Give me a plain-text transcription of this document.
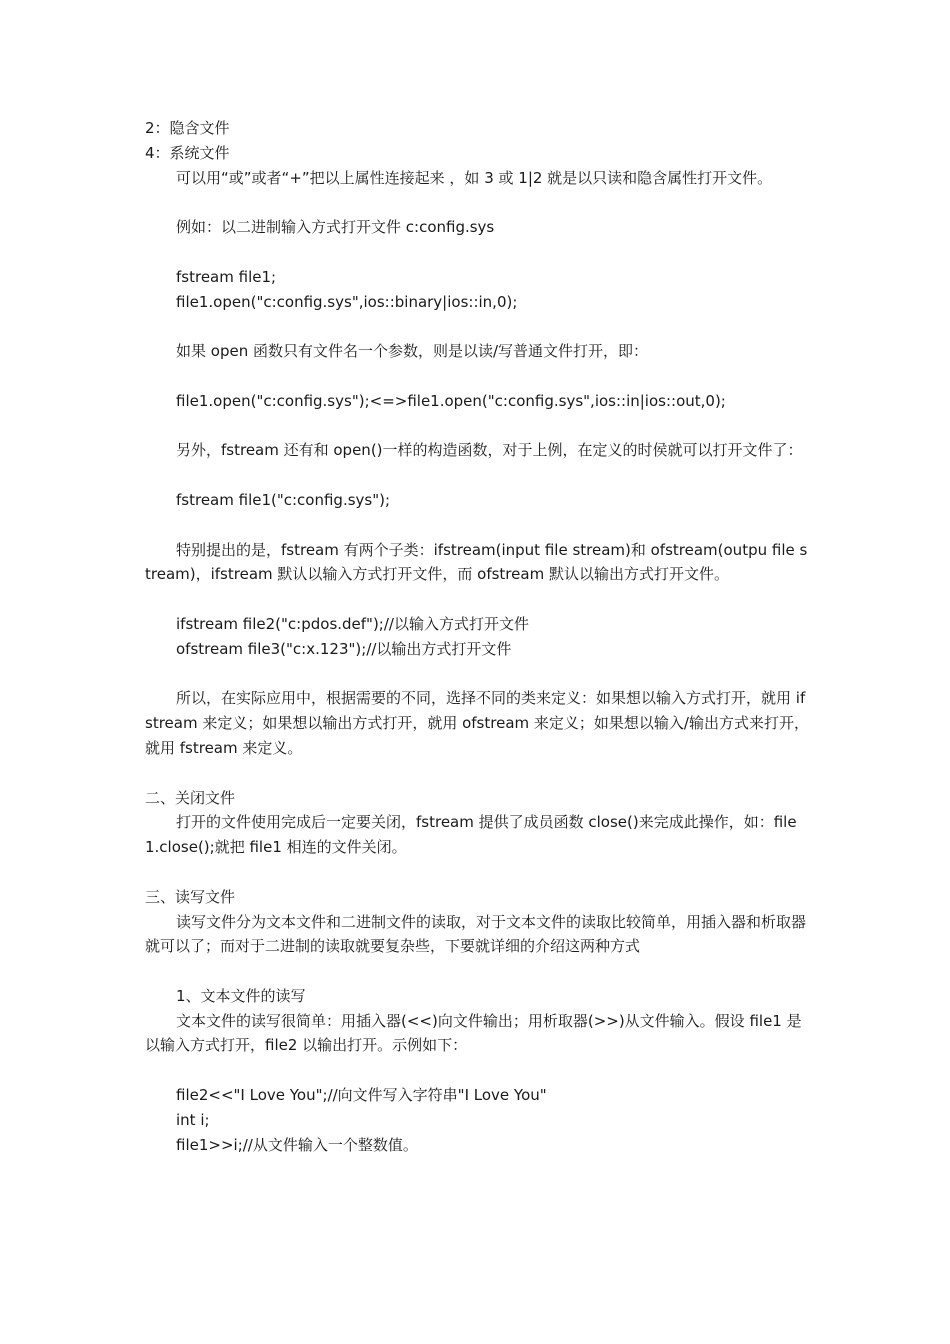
2：隐含文件
4：系统文件
可以用“或”或者“+”把以上属性连接起来 ，如 3 或 1|2 就是以只读和隐含属性打开文件。
例如：以二进制输入方式打开文件 c:config.sys
fstream file1;
file1.open("c:config.sys",ios::binary|ios::in,0);
如果 open 函数只有文件名一个参数，则是以读/写普通文件打开，即：
file1.open("c:config.sys");<=>file1.open("c:config.sys",ios::in|ios::out,0);
另外，fstream 还有和 open()一样的构造函数，对于上例，在定义的时侯就可以打开文件了：
fstream file1("c:config.sys");
特别提出的是，fstream 有两个子类：ifstream(input file stream)和 ofstream(outpu file stream)，ifstream 默认以输入方式打开文件，而 ofstream 默认以输出方式打开文件。
ifstream file2("c:pdos.def");//以输入方式打开文件
ofstream file3("c:x.123");//以输出方式打开文件
所以，在实际应用中，根据需要的不同，选择不同的类来定义：如果想以输入方式打开，就用 ifstream 来定义；如果想以输出方式打开，就用 ofstream 来定义；如果想以输入/输出方式来打开，就用 fstream 来定义。
二、关闭文件
打开的文件使用完成后一定要关闭，fstream 提供了成员函数 close()来完成此操作，如：file1.close();就把 file1 相连的文件关闭。
三、读写文件
读写文件分为文本文件和二进制文件的读取，对于文本文件的读取比较简单，用插入器和析取器就可以了；而对于二进制的读取就要复杂些，下要就详细的介绍这两种方式
1、文本文件的读写
文本文件的读写很简单：用插入器(<<)向文件输出；用析取器(>>)从文件输入。假设 file1 是以输入方式打开，file2 以输出打开。示例如下：
file2<<"I Love You";//向文件写入字符串"I Love You"
int i;
file1>>i;//从文件输入一个整数值。
